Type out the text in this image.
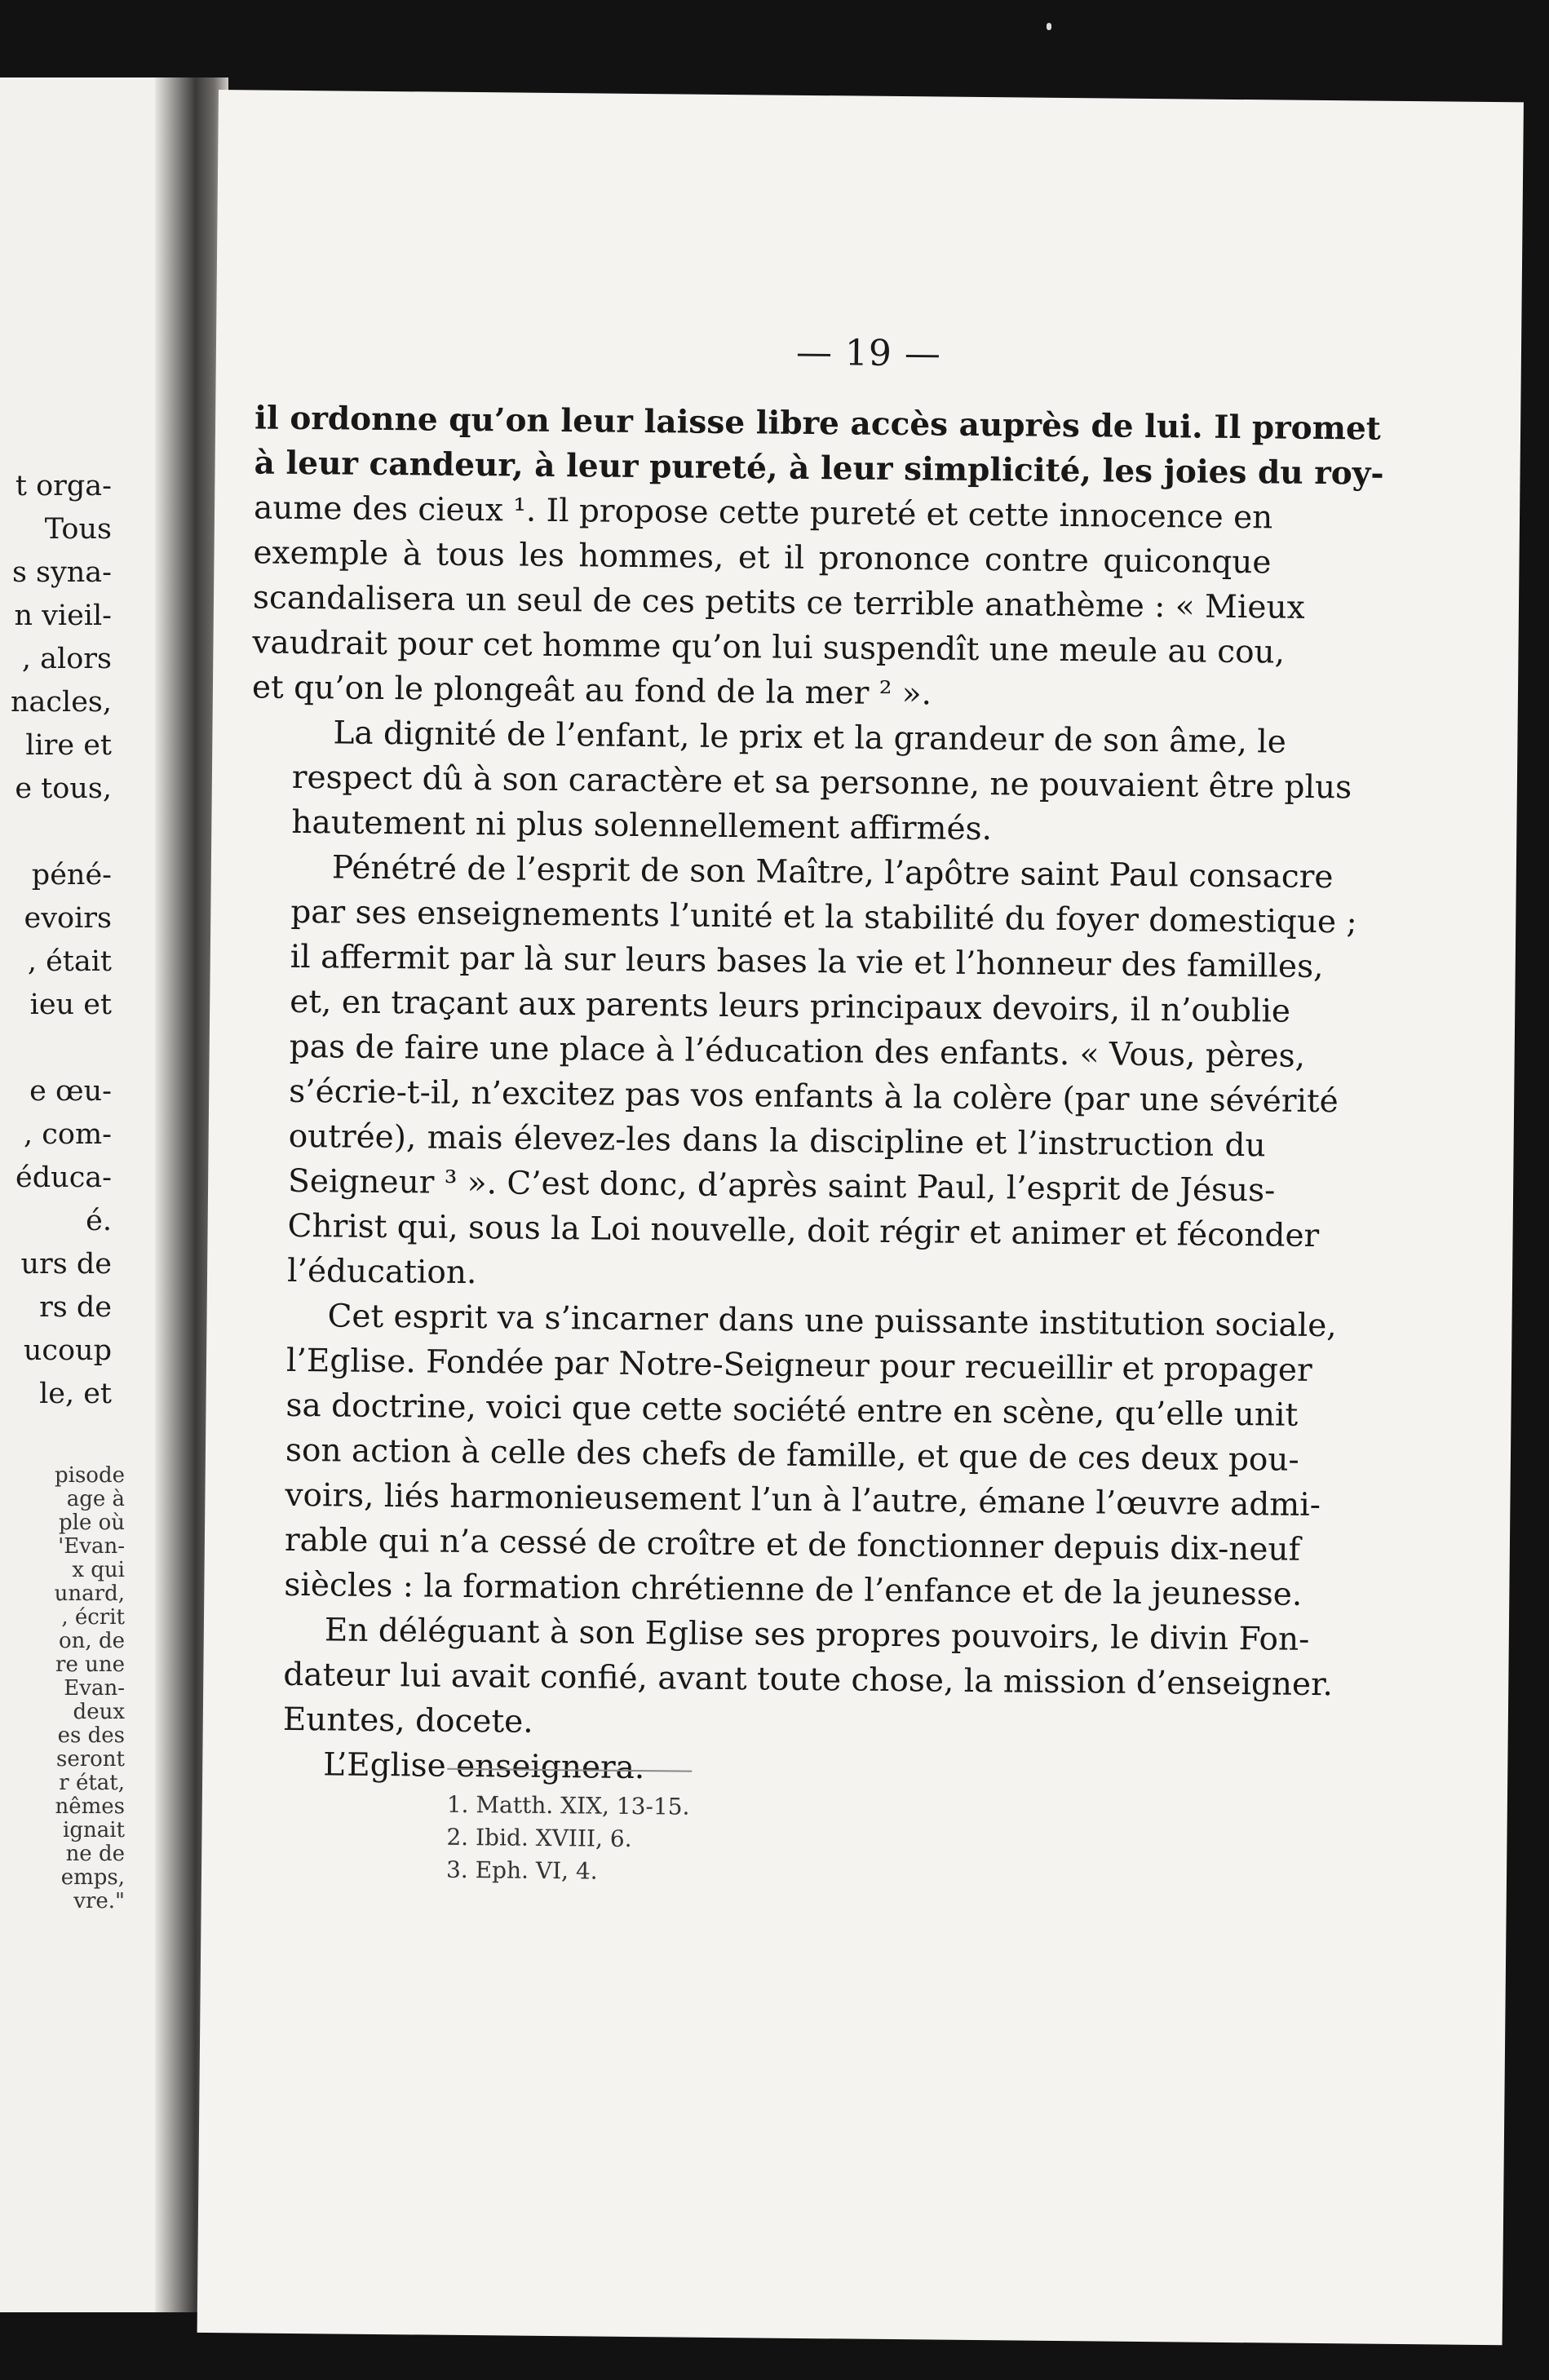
t orga-
Tous
s syna-
n vieil-
, alors
nacles,
lire et
e tous,
péné-
evoirs
, était
ieu et
e œu-
, com-
éduca-
é.
urs de
rs de
ucoup
le, et
pisode
age à
ple où
'Evan-
x qui
unard,
, écrit
on, de
re une
Evan-
deux
es des
seront
r état,
nêmes
ignait
ne de
emps,
vre."
— 19 —

il ordonne qu’on leur laisse libre accès auprès de lui. Il promet
à leur candeur, à leur pureté, à leur simplicité, les joies du roy-
aume des cieux ¹. Il propose cette pureté et cette innocence en
exemple à tous les hommes, et il prononce contre quiconque
scandalisera un seul de ces petits ce terrible anathème : « Mieux
vaudrait pour cet homme qu’on lui suspendît une meule au cou,
et qu’on le plongeât au fond de la mer ² ».

La dignité de l’enfant, le prix et la grandeur de son âme, le
respect dû à son caractère et sa personne, ne pouvaient être plus
hautement ni plus solennellement affirmés.

Pénétré de l’esprit de son Maître, l’apôtre saint Paul consacre
par ses enseignements l’unité et la stabilité du foyer domestique ;
il affermit par là sur leurs bases la vie et l’honneur des familles,
et, en traçant aux parents leurs principaux devoirs, il n’oublie
pas de faire une place à l’éducation des enfants. « Vous, pères,
s’écrie-t-il, n’excitez pas vos enfants à la colère (par une sévérité
outrée), mais élevez-les dans la discipline et l’instruction du
Seigneur ³ ». C’est donc, d’après saint Paul, l’esprit de Jésus-
Christ qui, sous la Loi nouvelle, doit régir et animer et féconder
l’éducation.

Cet esprit va s’incarner dans une puissante institution sociale,
l’Eglise. Fondée par Notre-Seigneur pour recueillir et propager
sa doctrine, voici que cette société entre en scène, qu’elle unit
son action à celle des chefs de famille, et que de ces deux pou-
voirs, liés harmonieusement l’un à l’autre, émane l’œuvre admi-
rable qui n’a cessé de croître et de fonctionner depuis dix-neuf
siècles : la formation chrétienne de l’enfance et de la jeunesse.

En déléguant à son Eglise ses propres pouvoirs, le divin Fon-
dateur lui avait confié, avant toute chose, la mission d’enseigner.
Euntes, docete.

L’Eglise enseignera.

1. Matth. XIX, 13-15.
2. Ibid. XVIII, 6.
3. Eph. VI, 4.
